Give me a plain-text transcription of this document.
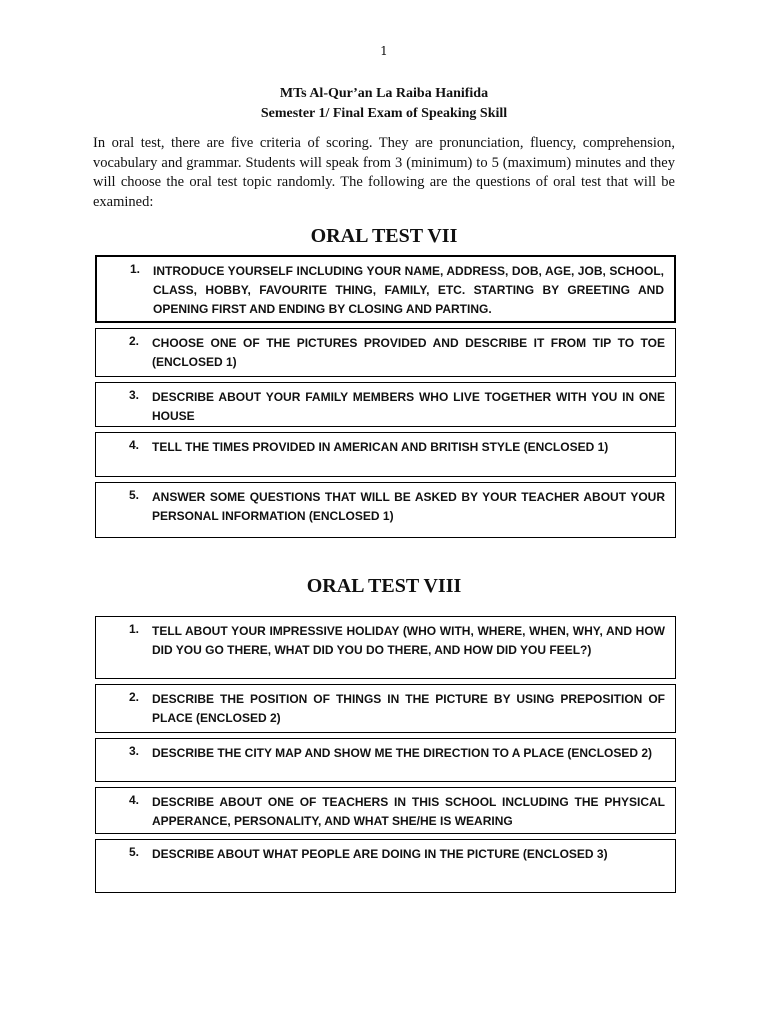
1
MTs Al-Qur’an La Raiba Hanifida
Semester 1/ Final Exam of Speaking Skill
In oral test, there are five criteria of scoring. They are pronunciation, fluency, comprehension, vocabulary and grammar. Students will speak from 3 (minimum) to 5 (maximum) minutes and they will choose the oral test topic randomly. The following are the questions of oral test that will be examined:
ORAL TEST VII
1. INTRODUCE YOURSELF INCLUDING YOUR NAME, ADDRESS, DOB, AGE, JOB, SCHOOL, CLASS, HOBBY, FAVOURITE THING, FAMILY, ETC. STARTING BY GREETING AND OPENING FIRST AND ENDING BY CLOSING AND PARTING.
2. CHOOSE ONE OF THE PICTURES PROVIDED AND DESCRIBE IT FROM TIP TO TOE (ENCLOSED 1)
3. DESCRIBE ABOUT YOUR FAMILY MEMBERS WHO LIVE TOGETHER WITH YOU IN ONE HOUSE
4. TELL THE TIMES PROVIDED IN AMERICAN AND BRITISH STYLE (ENCLOSED 1)
5. ANSWER SOME QUESTIONS THAT WILL BE ASKED BY YOUR TEACHER ABOUT YOUR PERSONAL INFORMATION (ENCLOSED 1)
ORAL TEST VIII
1. TELL ABOUT YOUR IMPRESSIVE HOLIDAY (WHO WITH, WHERE, WHEN, WHY, AND HOW DID YOU GO THERE, WHAT DID YOU DO THERE, AND HOW DID YOU FEEL?)
2. DESCRIBE THE POSITION OF THINGS IN THE PICTURE BY USING PREPOSITION OF PLACE (ENCLOSED 2)
3. DESCRIBE THE CITY MAP AND SHOW ME THE DIRECTION TO A PLACE (ENCLOSED 2)
4. DESCRIBE ABOUT ONE OF TEACHERS IN THIS SCHOOL INCLUDING THE PHYSICAL APPERANCE, PERSONALITY, AND WHAT SHE/HE IS WEARING
5. DESCRIBE ABOUT WHAT PEOPLE ARE DOING IN THE PICTURE (ENCLOSED 3)
